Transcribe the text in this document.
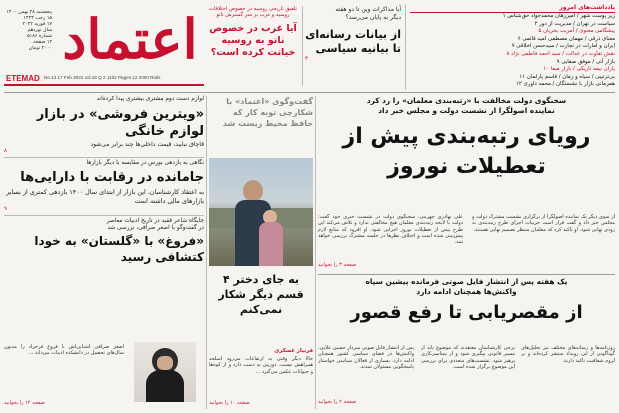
پنجشنبه ۲۸ بهمن ۱۴۰۰
۱۵ رجب ۱۴۴۳
۱۷ فوریه ۲۰۲۲
سال نوزدهم
شماره ۵۱۸۶
۱۲ صفحه
۲۰۰۰ تومان اعتماد
ETEMAD No.13 17 Feb 2022 vol.19 Q 2 1102 Pages 12 2000 Rials
تلفیق تاریخی روسیه در خصوص اختلافات روسیه و غرب بر سر گسترش ناتو
آیا غرب در خصوص ناتو به روسیه خیانت کرده است؟
آیا مذاکرات وین تا دو هفته
دیگر به پایان می‌رسد؟
از بیانات رسانه‌ای تا بیانیه سیاسی
۳
یادداشت‌های امروز
زیر پوست شهر / امیرزهان محمدجواد حق‌شناس ۱
سیاست در تهران / مدیریت از دور ۲
پیشگامی معنوی / آمریت بخریان ۵
معنای ذرقی / مهمان مصطفی امید قائمی ۶
ایران و امارات در تجارت / سیدحسن اخلاقی ۷
نقش تفاوت در عدالت / سید احمد فاطمی نژاد ۸
بازار آتی / موفق صفایی ۹
یاران نیمه تاریکی / بازار صفا ۱۰
بی‌ترتیبی / سیاه و زمان / قاسم پارلمان ۱۱
همزمانی بازار با نشستگان / محمد داوری ۱۲
لوازم دست دوم مشتری بیشتری پیدا کرده‌اند
«ویترین فروشی» در بازار لوازم خانگی
قاچاق نبایید، قیمت داخلی‌ها چند برابر می‌شود
۸
نگاهی به بازدهی بورس در مقایسه با دیگر بازارها
جامانده در رقابت با دارایی‌ها
به اعتقاد کارشناسان، این بازار از ابتدای سال ۱۴۰۰ بازدهی کمتری از بسایر بازارهای مالی داشته است
۹
جایگاه شاعر فقید در تاریخ ادبیات معاصر
در گفت‌وگو با اصغر صرافی، بررسی شد
«فروغ» با «گلستان» به خودا کتشافی رسید
اصغر صرافی آشنایی‌اش با فروغ فرخزاد را مدیون سال‌های تحصیل در دانشکده ادبیات می‌داند ...
صفحه ۱۲ را بخوانید
گفت‌وگوی «اعتماد» با شکارچی توبه کار که حافظ محیط زیست شد
به جای دختر ۴ قسم دیگر شکار نمی‌کنم
فرنیاز عسکری
حالا دیگر وقتی به ارتفاعات می‌رود اسلحه همراهش نیست. دوربین به دست دارد و از کوه‌ها و حیوانات عکس می‌گیرد ...
صفحه ۱۰ را بخوانید
سخنگوی دولت مخالفت با «رتبه‌بندی معلمان» را رد کرد
نماینده اصولگرا از نشست دولت و مجلس خبر داد
رویای رتبه‌بندی پیش از تعطیلات نوروز
از سوی دیگر یک نماینده اصولگرا از برگزاری نشست مشترک دولت و مجلس خبر داد و گفت قرار است جزییات اجرای طرح رتبه‌بندی به زودی نهایی شود. او تاکید کرد که معلمان منتظر تصمیم نهایی هستند.
علی بهادری جهرمی، سخنگوی دولت در نشست خبری خود گفت: دولت با لایحه رتبه‌بندی معلمان هیچ مخالفتی ندارد و تلاش می‌کند این طرح پیش از تعطیلات نوروز اجرایی شود. او افزود که منابع لازم پیش‌بینی شده است و اختلاف نظرها در جلسه مشترک بررسی خواهد شد.
صفحه ۳ را بخوانید
یک هفته پس از انتشار فایل صوتی فرمانده پیشین سپاه
واکنش‌ها همچنان ادامه دارد
از مقصریابی تا رفع قصور
روزنامه‌ها و رسانه‌های مختلف نیز تحلیل‌های گوناگونی از این رویداد منتشر کرده‌اند و بر لزوم شفافیت تاکید دارند.
برخی کارشناسان معتقدند که موضوع باید از مسیر قانونی پیگیری شود و از سیاسی‌کاری پرهیز شود. نشست‌های متعددی برای بررسی این موضوع برگزار شده است.
پس از انتشار فایل صوتی سردار حسین علایی، واکنش‌ها در فضای سیاسی کشور همچنان ادامه دارد. بسیاری از فعالان سیاسی خواستار پاسخگویی مسئولان شدند.
صفحه ۲ را بخوانید
